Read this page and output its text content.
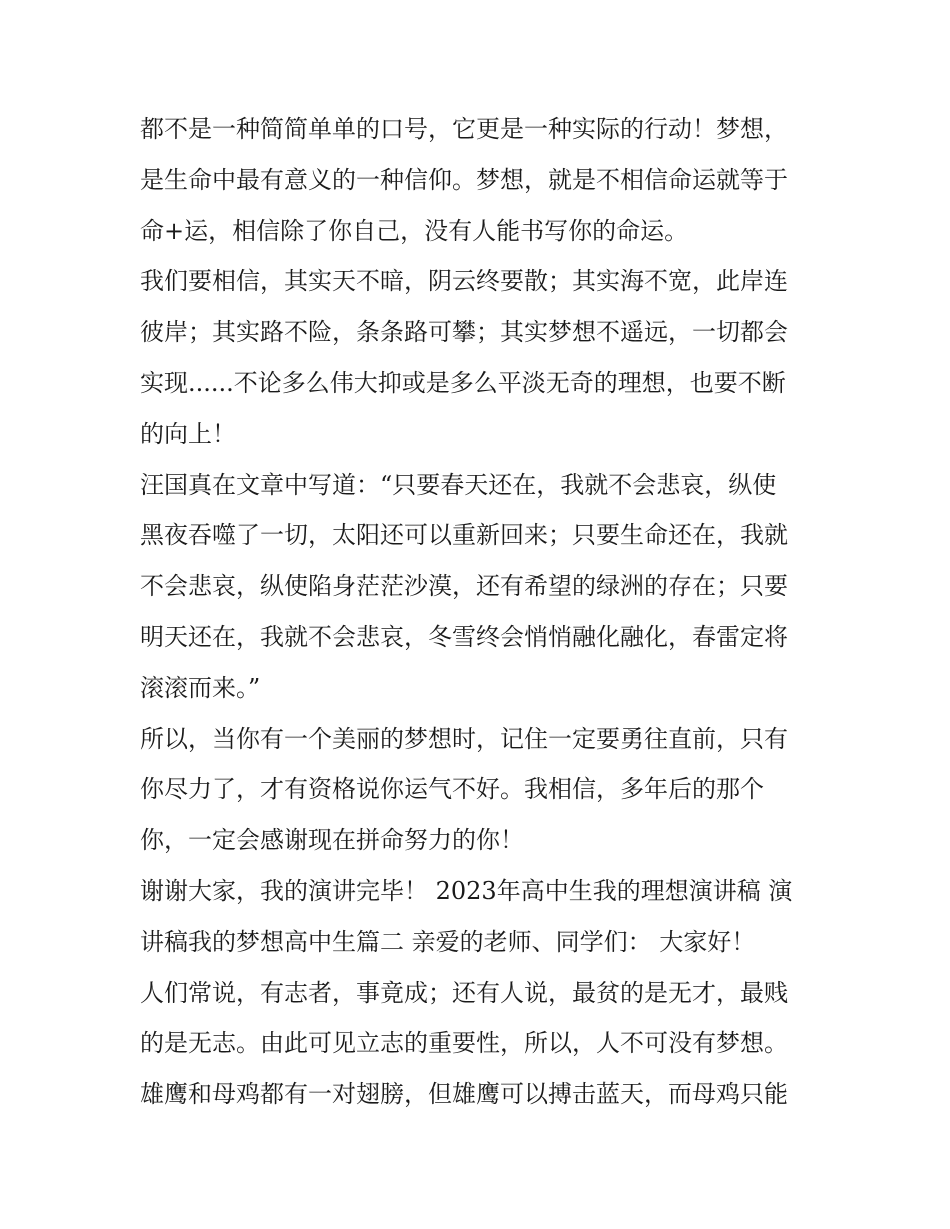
都不是一种简简单单的口号，它更是一种实际的行动！梦想，
是生命中最有意义的一种信仰。梦想，就是不相信命运就等于
命+运，相信除了你自己，没有人能书写你的命运。
我们要相信，其实天不暗，阴云终要散；其实海不宽，此岸连
彼岸；其实路不险，条条路可攀；其实梦想不遥远，一切都会
实现......不论多么伟大抑或是多么平淡无奇的理想，也要不断
的向上！
汪国真在文章中写道：“只要春天还在，我就不会悲哀，纵使
黑夜吞噬了一切，太阳还可以重新回来；只要生命还在，我就
不会悲哀，纵使陷身茫茫沙漠，还有希望的绿洲的存在；只要
明天还在，我就不会悲哀，冬雪终会悄悄融化融化，春雷定将
滚滚而来。”
所以，当你有一个美丽的梦想时，记住一定要勇往直前，只有
你尽力了，才有资格说你运气不好。我相信，多年后的那个
你，一定会感谢现在拼命努力的你！
谢谢大家，我的演讲完毕！ 2023年高中生我的理想演讲稿 演
讲稿我的梦想高中生篇二 亲爱的老师、同学们： 大家好！
人们常说，有志者，事竟成；还有人说，最贫的是无才，最贱
的是无志。由此可见立志的重要性，所以，人不可没有梦想。
雄鹰和母鸡都有一对翅膀，但雄鹰可以搏击蓝天，而母鸡只能
